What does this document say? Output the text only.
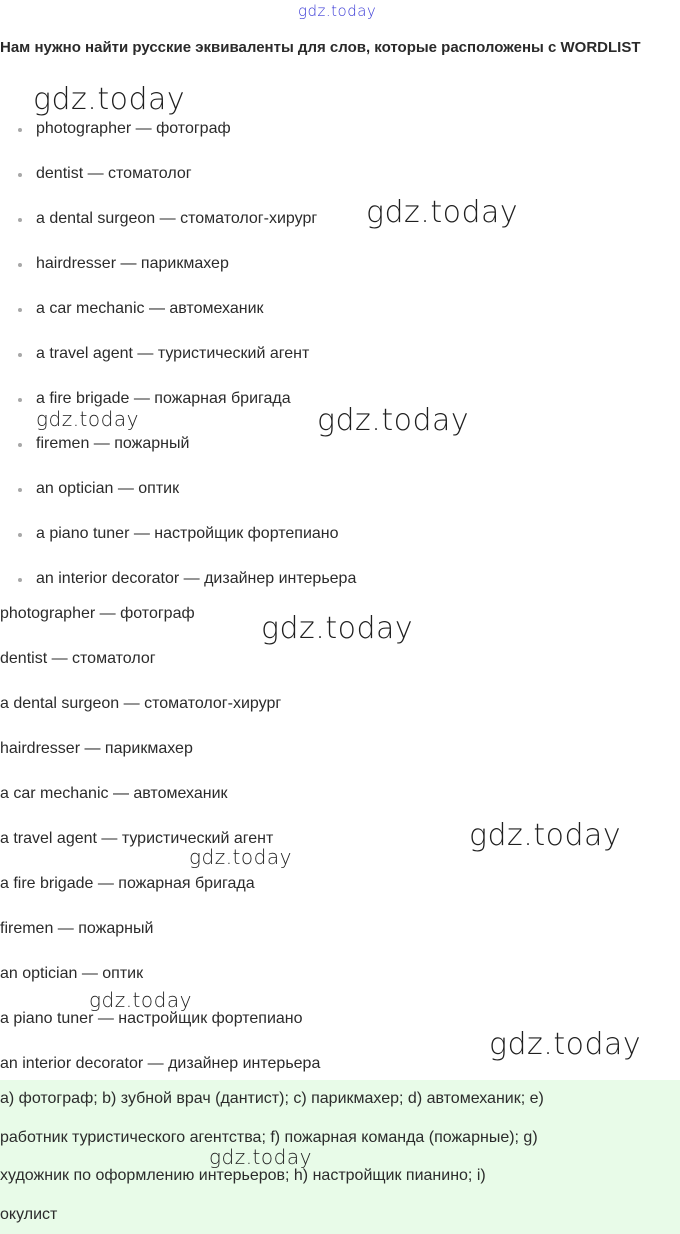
gdz.today
Нам нужно найти русские эквиваленты для слов, которые расположены с WORDLIST
photographer — фотограф
dentist — стоматолог
a dental surgeon — стоматолог-хирург
hairdresser — парикмахер
a car mechanic — автомеханик
a travel agent — туристический агент
a fire brigade — пожарная бригада
firemen — пожарный
an optician — оптик
a piano tuner — настройщик фортепиано
an interior decorator — дизайнер интерьера
photographer — фотограф
dentist — стоматолог
a dental surgeon — стоматолог-хирург
hairdresser — парикмахер
a car mechanic — автомеханик
a travel agent — туристический агент
a fire brigade — пожарная бригада
firemen — пожарный
an optician — оптик
a piano tuner — настройщик фортепиано
an interior decorator — дизайнер интерьера
a) фотограф; b) зубной врач (дантист); c) парикмахер; d) автомеханик; e)
работник туристического агентства; f) пожарная команда (пожарные); g)
художник по оформлению интерьеров; h) настройщик пианино; i)
окулист
gdz.today
gdz.today
gdz.today	gdz.today
gdz.today
gdz.today
gdz.today
gdz.today
gdz.today
gdz.today
